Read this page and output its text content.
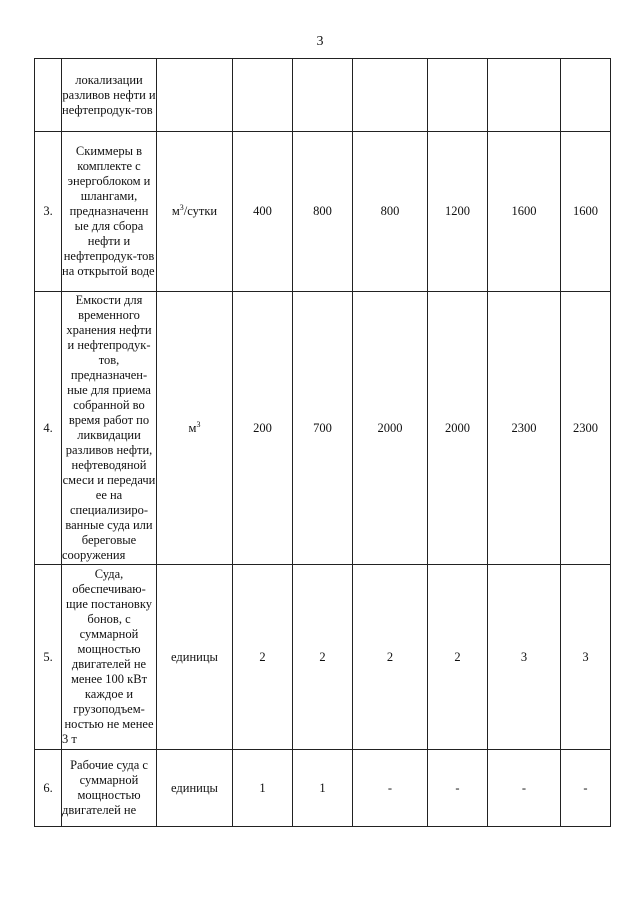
3
	локализации разливов нефти и нефтепродук-тов							
3.	Скиммеры в комплекте с энергоблоком и шлангами, предназначенн ые для сбора нефти и нефтепродук-тов на открытой воде	$м^3$/сутки	400	800	800	1200	1600	1600
4.	Емкости для временного хранения нефти и нефтепродук-тов, предназначен-ные для приема собранной во время работ по ликвидации разливов нефти, нефтеводяной смеси и передачи ее на специализиро-ванные суда или береговые сооружения	$м^3$	200	700	2000	2000	2300	2300
5.	Суда, обеспечиваю-щие постановку бонов, с суммарной мощностью двигателей не менее 100 кВт каждое и грузоподъем-ностью не менее 3 т	единицы	2	2	2	2	3	3
6.	Рабочие суда с суммарной мощностью двигателей не	единицы	1	1	-	-	-	-
